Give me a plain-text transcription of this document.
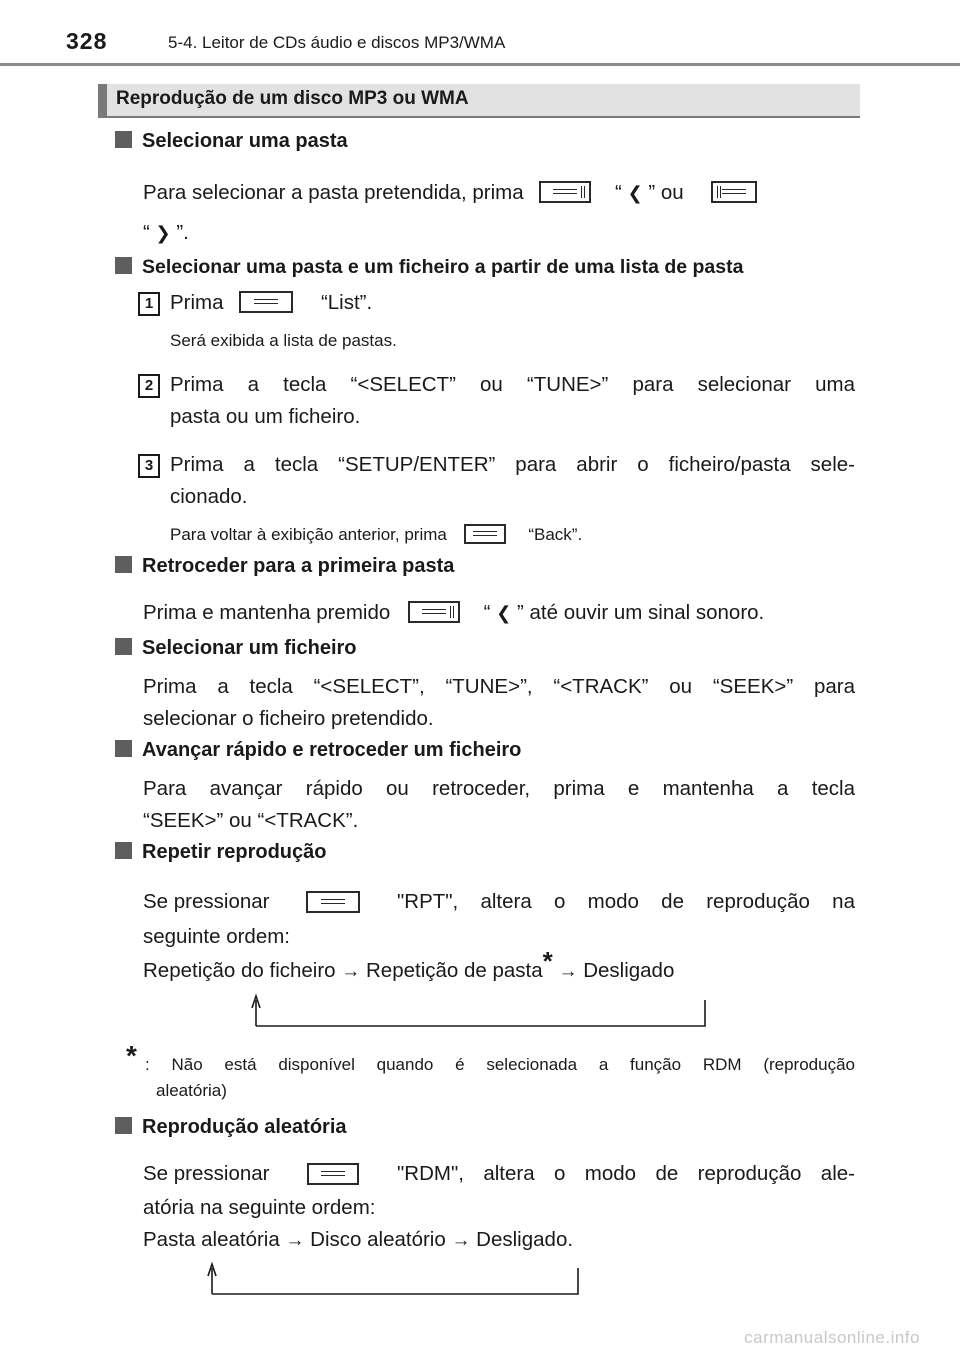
328	5-4. Leitor de CDs áudio e discos MP3/WMA
Reprodução de um disco MP3 ou WMA
Selecionar uma pasta
Para selecionar a pasta pretendida, prima	“ ❮ ” ou
“ ❯ ”.
Selecionar uma pasta e um ficheiro a partir de uma lista de pasta
1 Prima	“List”.
Será exibida a lista de pastas.
2 Prima a tecla “<SELECT” ou “TUNE>” para selecionar uma
pasta ou um ficheiro.
3 Prima a tecla “SETUP/ENTER” para abrir o ficheiro/pasta sele-
cionado.
Para voltar à exibição anterior, prima	“Back”.
Retroceder para a primeira pasta
Prima e mantenha premido	“ ❮ ” até ouvir um sinal sonoro.
Selecionar um ficheiro
Prima a tecla “<SELECT”, “TUNE>”, “<TRACK” ou “SEEK>” para
selecionar o ficheiro pretendido.
Avançar rápido e retroceder um ficheiro
Para avançar rápido ou retroceder, prima e mantenha a tecla
“SEEK>” ou “<TRACK”.
Repetir reprodução
Se pressionar	"RPT", altera o modo de reprodução na
seguinte ordem:
Repetição do ficheiro → Repetição de pasta* → Desligado
* : Não está disponível quando é selecionada a função RDM (reprodução
aleatória)
Reprodução aleatória
Se pressionar	"RDM", altera o modo de reprodução ale-
atória na seguinte ordem:
Pasta aleatória → Disco aleatório → Desligado.
carmanualsonline.info
